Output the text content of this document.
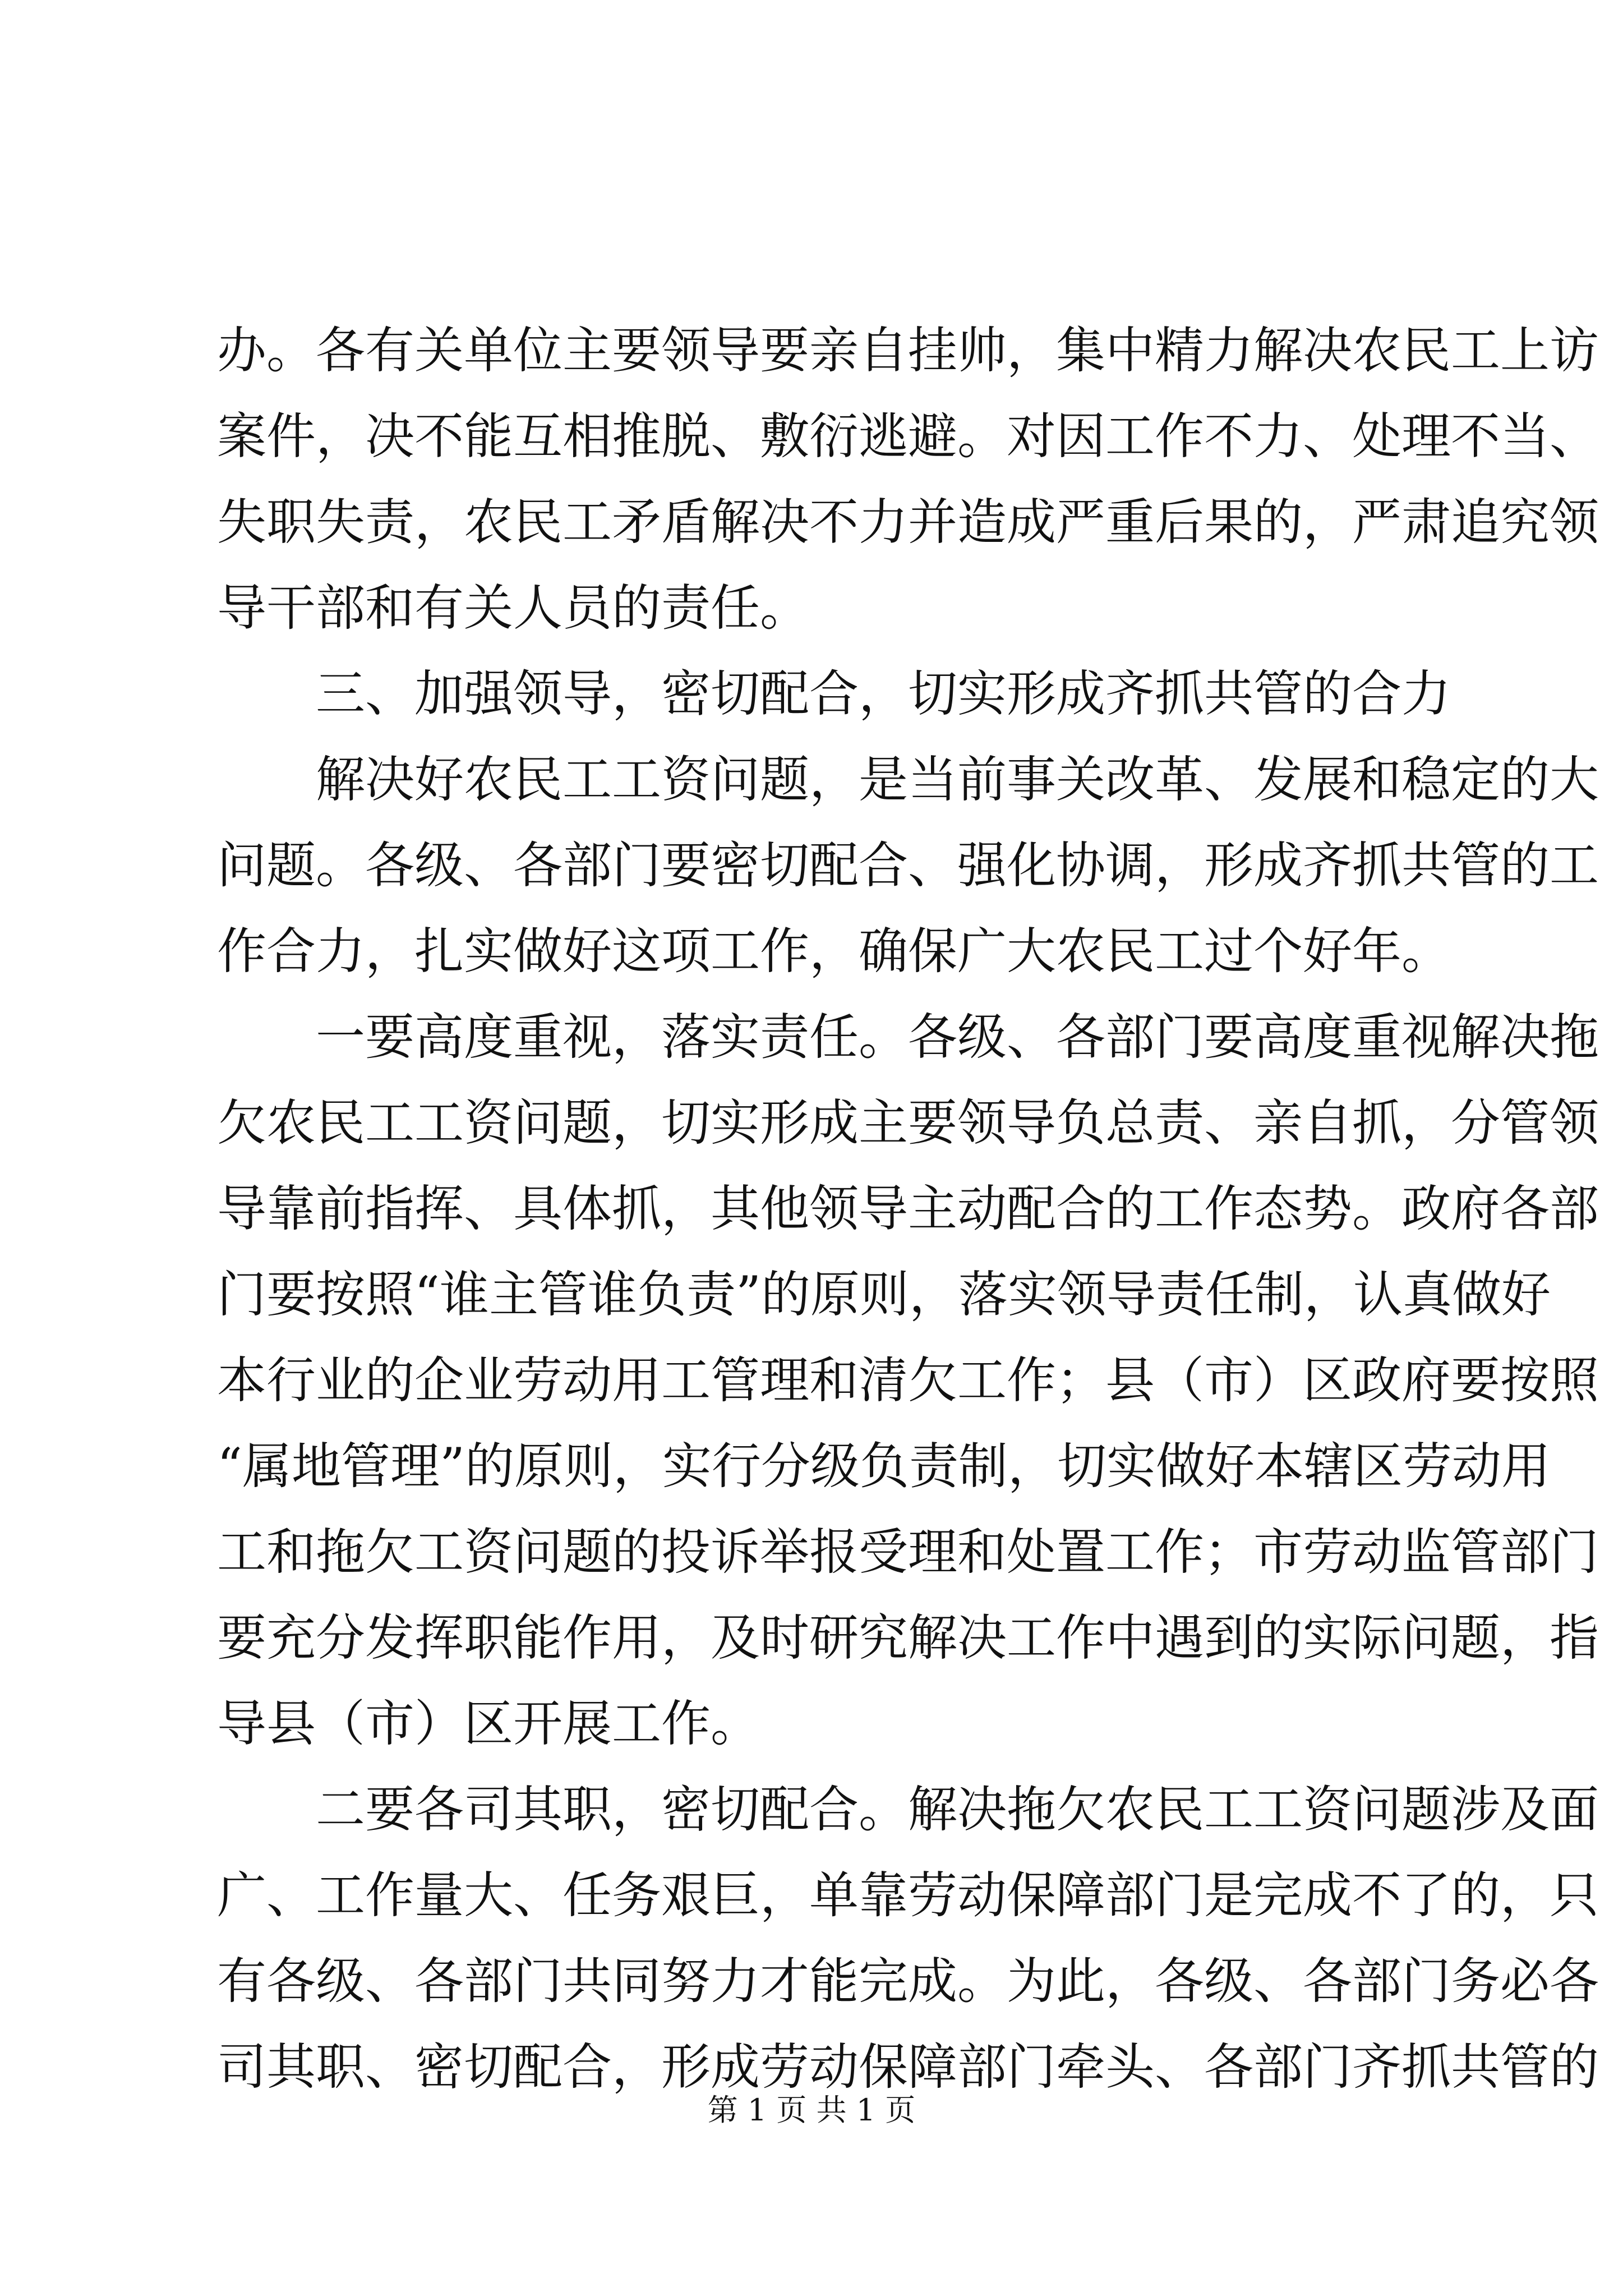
办。各有关单位主要领导要亲自挂帅，集中精力解决农民工上访
案件，决不能互相推脱、敷衍逃避。对因工作不力、处理不当、
失职失责，农民工矛盾解决不力并造成严重后果的，严肃追究领
导干部和有关人员的责任。
三、加强领导，密切配合，切实形成齐抓共管的合力
解决好农民工工资问题，是当前事关改革、发展和稳定的大
问题。各级、各部门要密切配合、强化协调，形成齐抓共管的工
作合力，扎实做好这项工作，确保广大农民工过个好年。
一要高度重视，落实责任。各级、各部门要高度重视解决拖
欠农民工工资问题，切实形成主要领导负总责、亲自抓，分管领
导靠前指挥、具体抓，其他领导主动配合的工作态势。政府各部
门要按照“谁主管谁负责”的原则，落实领导责任制，认真做好
本行业的企业劳动用工管理和清欠工作；县（市）区政府要按照
“属地管理”的原则，实行分级负责制，切实做好本辖区劳动用
工和拖欠工资问题的投诉举报受理和处置工作；市劳动监管部门
要充分发挥职能作用，及时研究解决工作中遇到的实际问题，指
导县（市）区开展工作。
二要各司其职，密切配合。解决拖欠农民工工资问题涉及面
广、工作量大、任务艰巨，单靠劳动保障部门是完成不了的，只
有各级、各部门共同努力才能完成。为此，各级、各部门务必各
司其职、密切配合，形成劳动保障部门牵头、各部门齐抓共管的
第 1 页 共 1 页
